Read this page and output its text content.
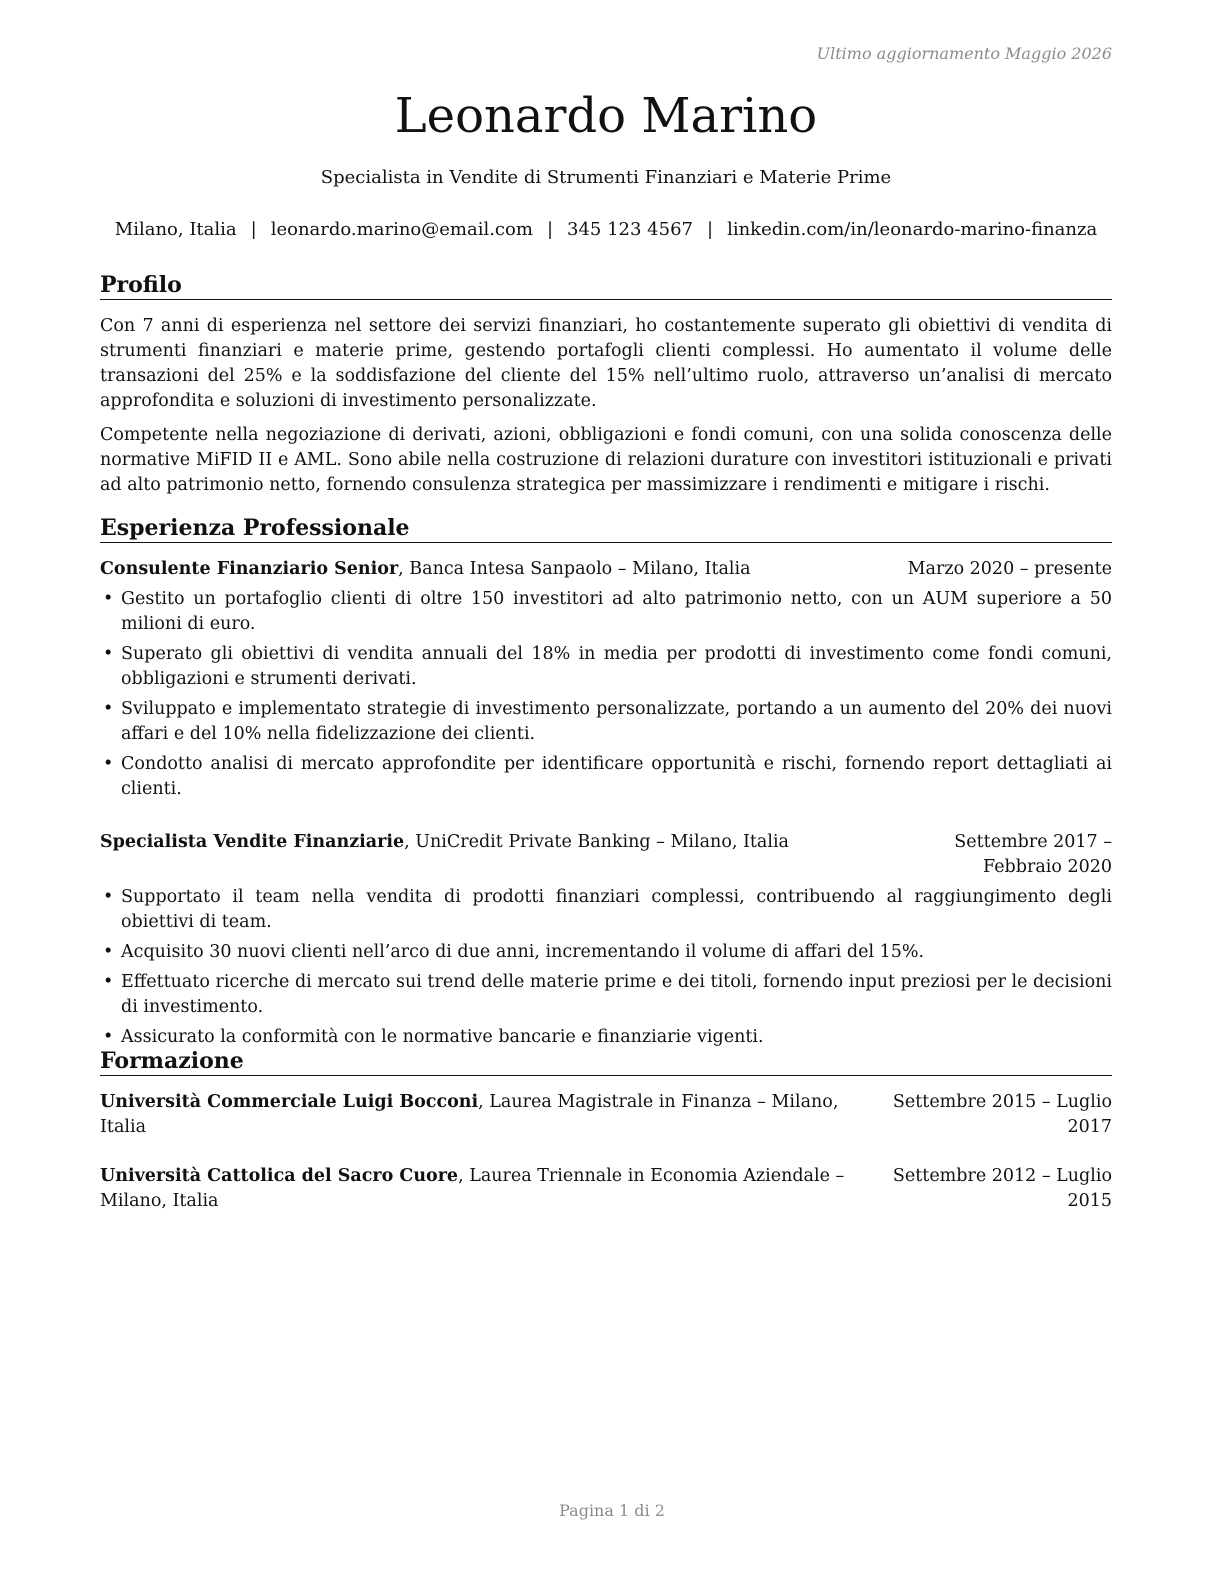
Ultimo aggiornamento Maggio 2026
Leonardo Marino
Specialista in Vendite di Strumenti Finanziari e Materie Prime
Milano, Italia | leonardo.marino@email.com | 345 123 4567 | linkedin.com/in/leonardo-marino-finanza
Profilo

Con 7 anni di esperienza nel settore dei servizi finanziari, ho costantemente superato gli obiettivi di vendita di strumenti finanziari e materie prime, gestendo portafogli clienti complessi. Ho aumentato il volume delle transazioni del 25% e la soddisfazione del cliente del 15% nell’ultimo ruolo, attraverso un’analisi di mercato approfondita e soluzioni di investimento personalizzate.

Competente nella negoziazione di derivati, azioni, obbligazioni e fondi comuni, con una solida conoscenza delle normative MiFID II e AML. Sono abile nella costruzione di relazioni durature con investitori istituzionali e privati ad alto patrimonio netto, fornendo consulenza strategica per massimizzare i rendimenti e mitigare i rischi.

Esperienza Professionale
Consulente Finanziario Senior, Banca Intesa Sanpaolo – Milano, Italia	Marzo 2020 – presente
• Gestito un portafoglio clienti di oltre 150 investitori ad alto patrimonio netto, con un AUM superiore a 50 milioni di euro.
• Superato gli obiettivi di vendita annuali del 18% in media per prodotti di investimento come fondi comuni, obbligazioni e strumenti derivati.
• Sviluppato e implementato strategie di investimento personalizzate, portando a un aumento del 20% dei nuovi affari e del 10% nella fidelizzazione dei clienti.
• Condotto analisi di mercato approfondite per identificare opportunità e rischi, fornendo report dettagliati ai clienti.
Specialista Vendite Finanziarie, UniCredit Private Banking – Milano, Italia	Settembre 2017 – Febbraio 2020
• Supportato il team nella vendita di prodotti finanziari complessi, contribuendo al raggiungimento degli obiettivi di team.
• Acquisito 30 nuovi clienti nell’arco di due anni, incrementando il volume di affari del 15%.
• Effettuato ricerche di mercato sui trend delle materie prime e dei titoli, fornendo input preziosi per le decisioni di investimento.
• Assicurato la conformità con le normative bancarie e finanziarie vigenti.
Formazione
Università Commerciale Luigi Bocconi, Laurea Magistrale in Finanza – Milano, Italia
Settembre 2015 – Luglio 2017
Università Cattolica del Sacro Cuore, Laurea Triennale in Economia Aziendale – Milano, Italia
Settembre 2012 – Luglio 2015
Pagina 1 di 2
